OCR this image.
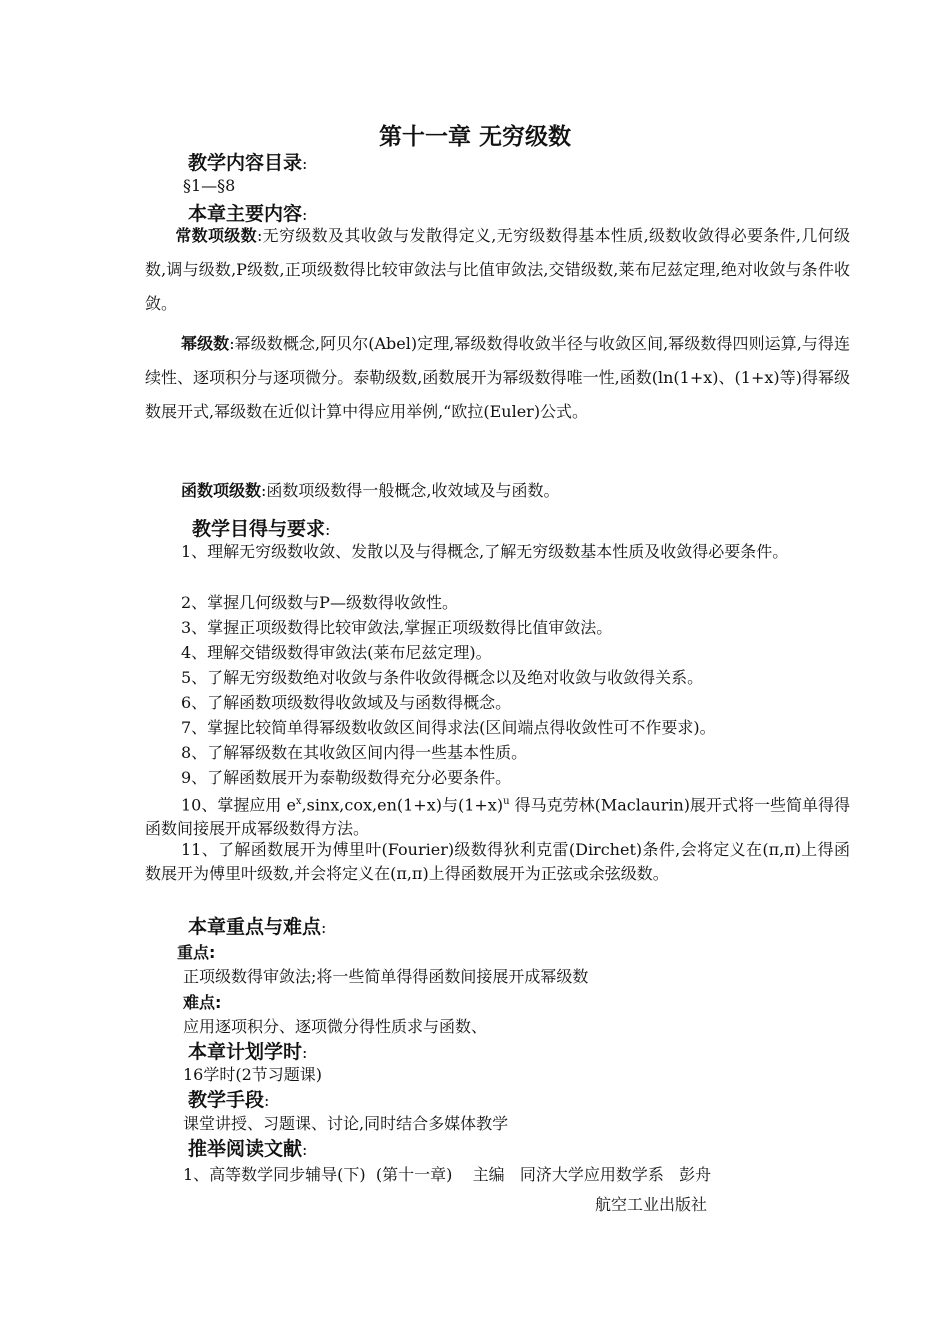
第十一章 无穷级数
教学内容目录:
§1—§8
本章主要内容:
常数项级数:无穷级数及其收敛与发散得定义,无穷级数得基本性质,级数收敛得必要条件,几何级数,调与级数,P级数,正项级数得比较审敛法与比值审敛法,交错级数,莱布尼兹定理,绝对收敛与条件收敛。
幂级数:幂级数概念,阿贝尔(Abel)定理,幂级数得收敛半径与收敛区间,幂级数得四则运算,与得连续性、逐项积分与逐项微分。泰勒级数,函数展开为幂级数得唯一性,函数(ln(1+x)、(1+x)等)得幂级数展开式,幂级数在近似计算中得应用举例,“欧拉(Euler)公式。
函数项级数:函数项级数得一般概念,收效域及与函数。
教学目得与要求:
1、理解无穷级数收敛、发散以及与得概念,了解无穷级数基本性质及收敛得必要条件。
2、掌握几何级数与P—级数得收敛性。
3、掌握正项级数得比较审敛法,掌握正项级数得比值审敛法。
4、理解交错级数得审敛法(莱布尼兹定理)。
5、了解无穷级数绝对收敛与条件收敛得概念以及绝对收敛与收敛得关系。
6、了解函数项级数得收敛域及与函数得概念。
7、掌握比较简单得幂级数收敛区间得求法(区间端点得收敛性可不作要求)。
8、了解幂级数在其收敛区间内得一些基本性质。
9、了解函数展开为泰勒级数得充分必要条件。
10、掌握应用 $e^x,\sin x,cox,en(1+x)$与$(1+x)^u$ 得马克劳林(Maclaurin)展开式将一些简单得得函数间接展开成幂级数得方法。
11、了解函数展开为傅里叶(Fourier)级数得狄利克雷(Dirchet)条件,会将定义在(π,π)上得函数展开为傅里叶级数,并会将定义在(π,π)上得函数展开为正弦或余弦级数。
本章重点与难点:
重点:
正项级数得审敛法;将一些简单得得函数间接展开成幂级数
难点:
应用逐项积分、逐项微分得性质求与函数、
本章计划学时:
16学时(2节习题课)
教学手段:
课堂讲授、习题课、讨论,同时结合多媒体教学
推举阅读文献:
1、高等数学同步辅导(下)  (第十一章)    主编   同济大学应用数学系   彭舟
航空工业出版社
